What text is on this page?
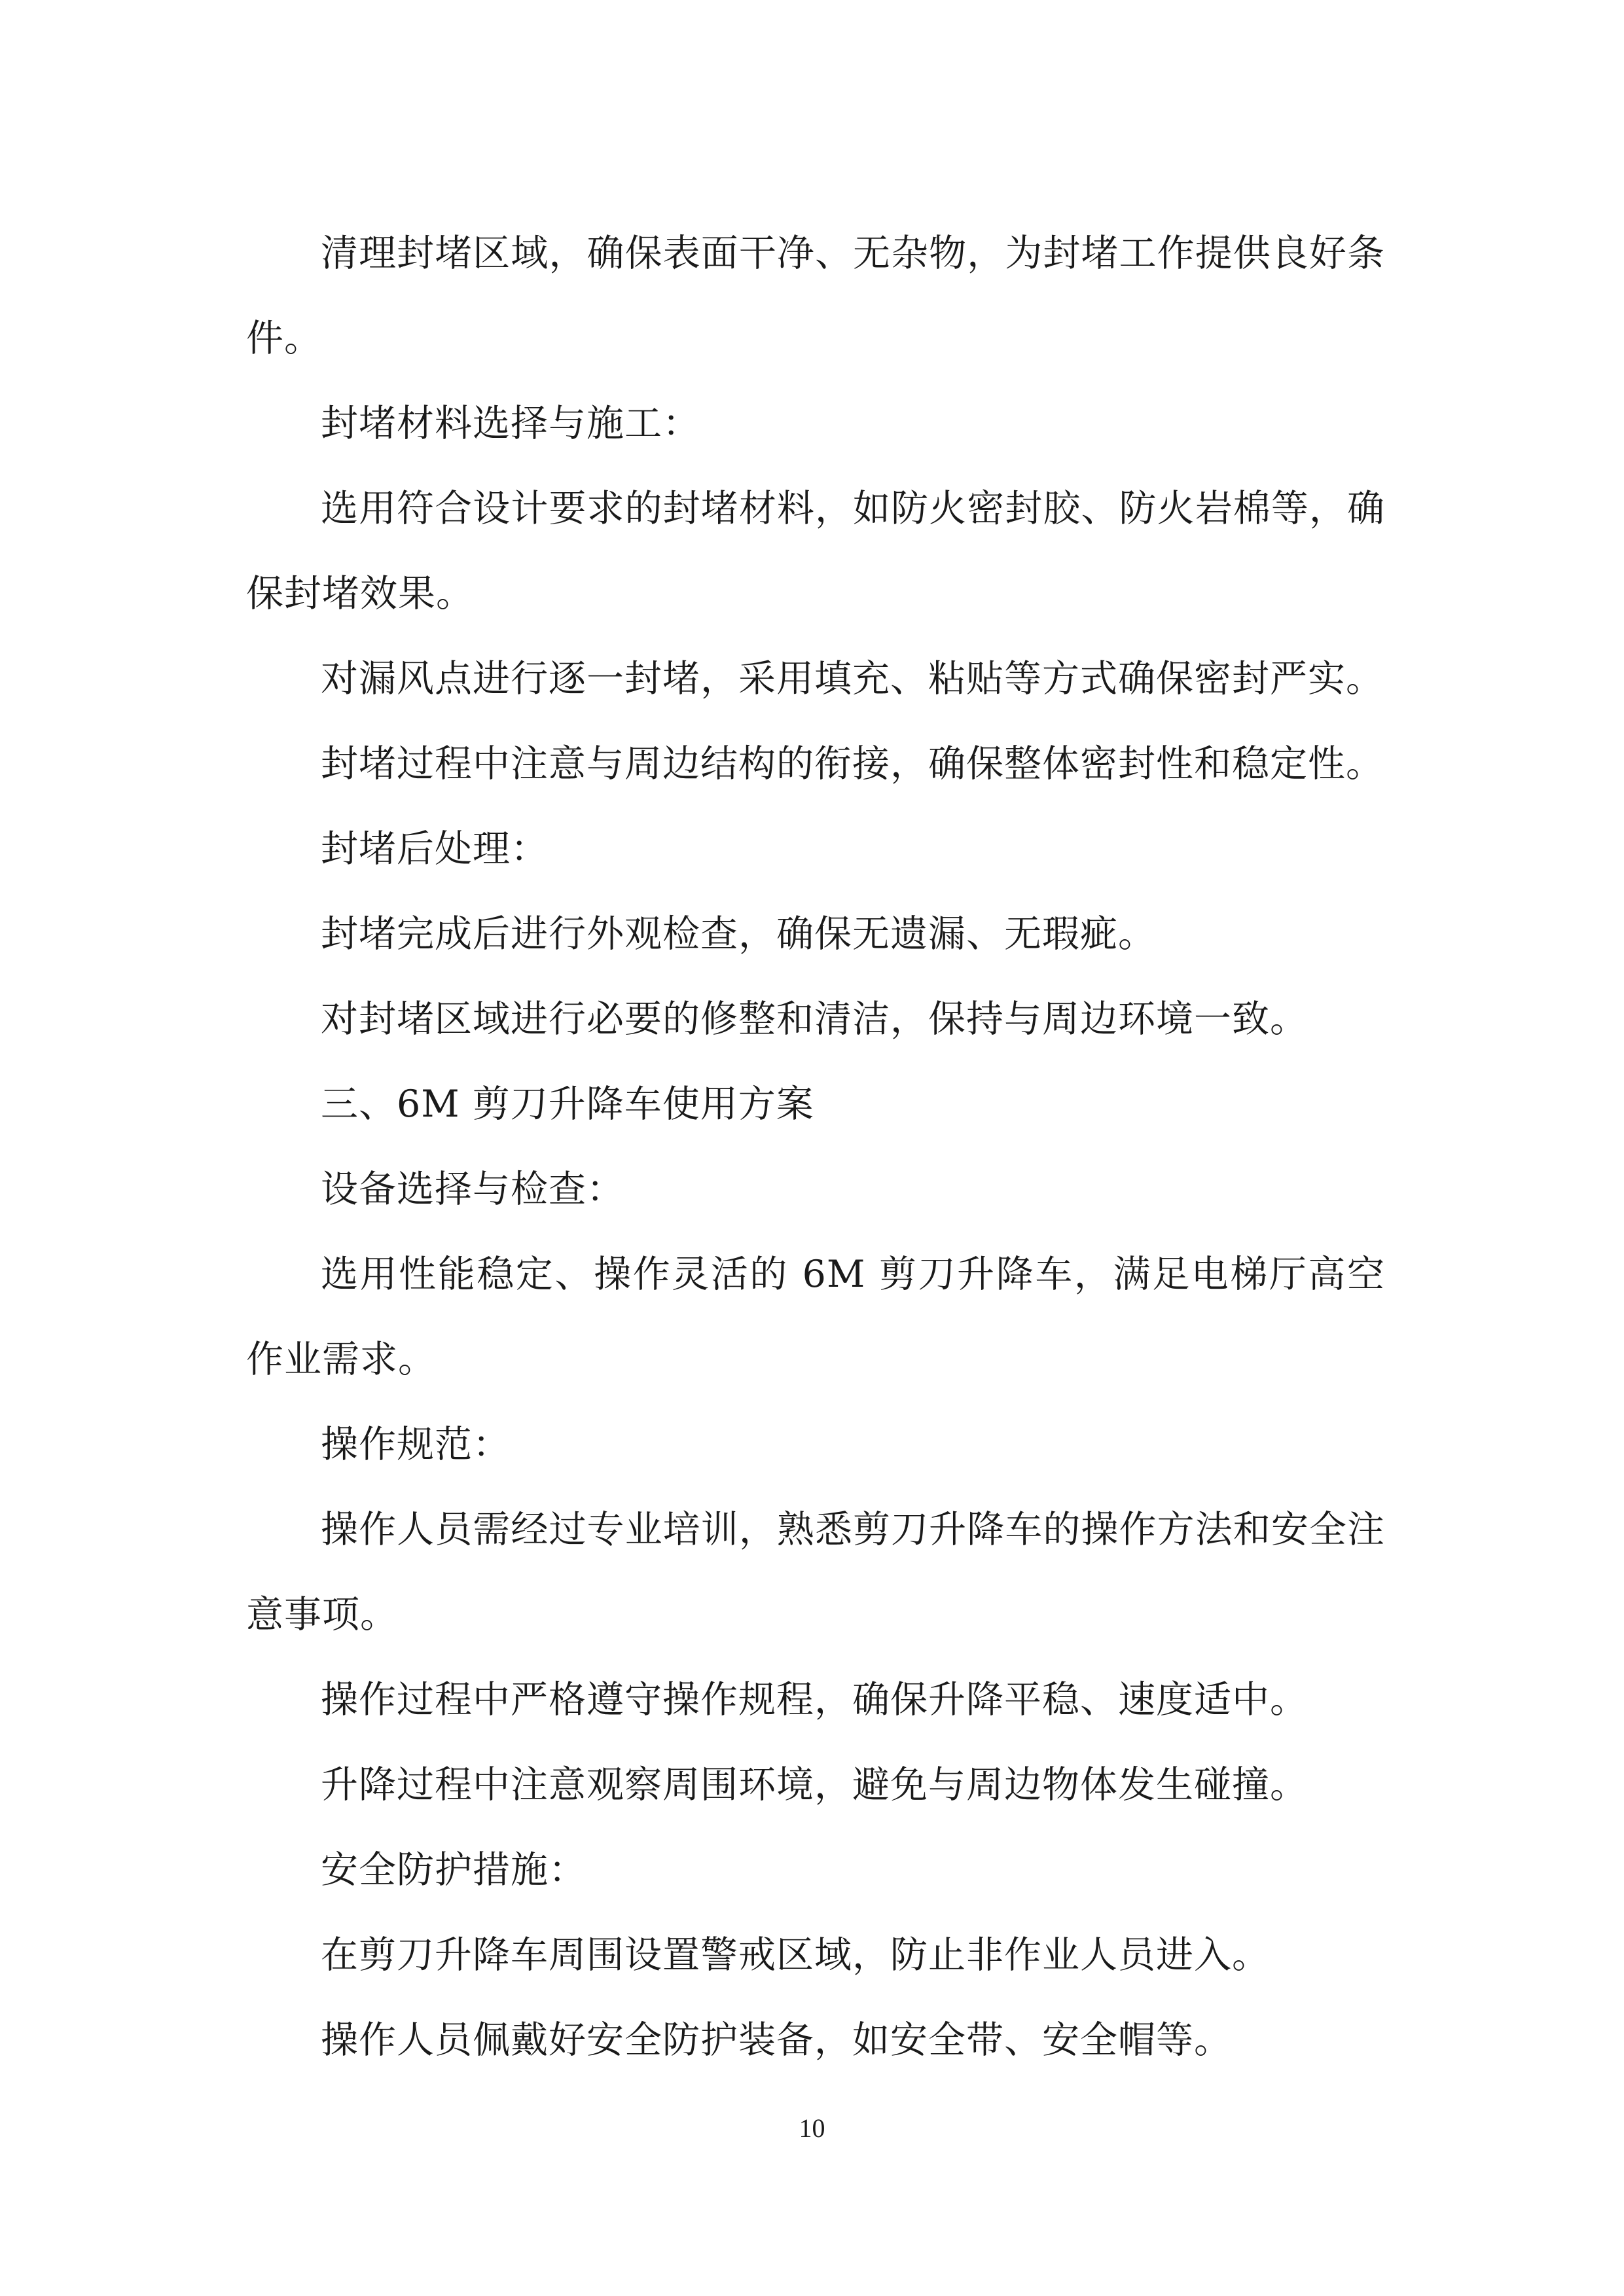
清理封堵区域，确保表面干净、无杂物，为封堵工作提供良好条件。

封堵材料选择与施工：

选用符合设计要求的封堵材料，如防火密封胶、防火岩棉等，确保封堵效果。

对漏风点进行逐一封堵，采用填充、粘贴等方式确保密封严实。

封堵过程中注意与周边结构的衔接，确保整体密封性和稳定性。

封堵后处理：

封堵完成后进行外观检查，确保无遗漏、无瑕疵。

对封堵区域进行必要的修整和清洁，保持与周边环境一致。

三、6M 剪刀升降车使用方案

设备选择与检查：

选用性能稳定、操作灵活的 6M 剪刀升降车，满足电梯厅高空作业需求。

操作规范：

操作人员需经过专业培训，熟悉剪刀升降车的操作方法和安全注意事项。

操作过程中严格遵守操作规程，确保升降平稳、速度适中。

升降过程中注意观察周围环境，避免与周边物体发生碰撞。

安全防护措施：

在剪刀升降车周围设置警戒区域，防止非作业人员进入。

操作人员佩戴好安全防护装备，如安全带、安全帽等。

10
